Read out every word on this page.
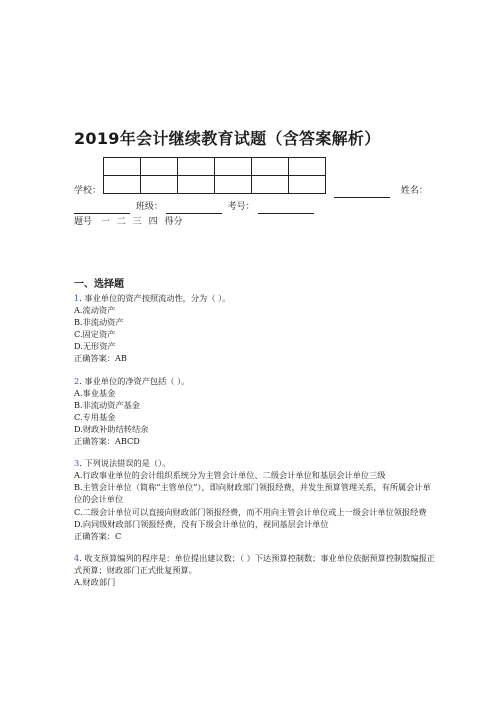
2019年会计继续教育试题（含答案解析）

学校：	姓名：
班级：	考号：
题号 一 二 三 四 得分
一、选择题

1. 事业单位的资产按照流动性，分为（ ）。

A.流动资产

B.非流动资产

C.固定资产

D.无形资产

正确答案：AB

2. 事业单位的净资产包括（ ）。

A.事业基金

B.非流动资产基金

C.专用基金

D.财政补助结转结余

正确答案：ABCD

3. 下列说法错误的是（）。

A.行政事业单位的会计组织系统分为主管会计单位、二级会计单位和基层会计单位三级

B.主管会计单位（简称“主管单位”），即向财政部门领报经费，并发生预算管理关系，有所属会计单位的会计单位

C.二级会计单位可以直接向财政部门领报经费，而不用向主管会计单位或上一级会计单位领报经费

D.向同级财政部门领报经费，没有下级会计单位的，视同基层会计单位

正确答案：C

4. 收支预算编列的程序是：单位提出建议数；（ ）下达预算控制数；事业单位依据预算控制数编报正式预算；财政部门正式批复预算。

A.财政部门
